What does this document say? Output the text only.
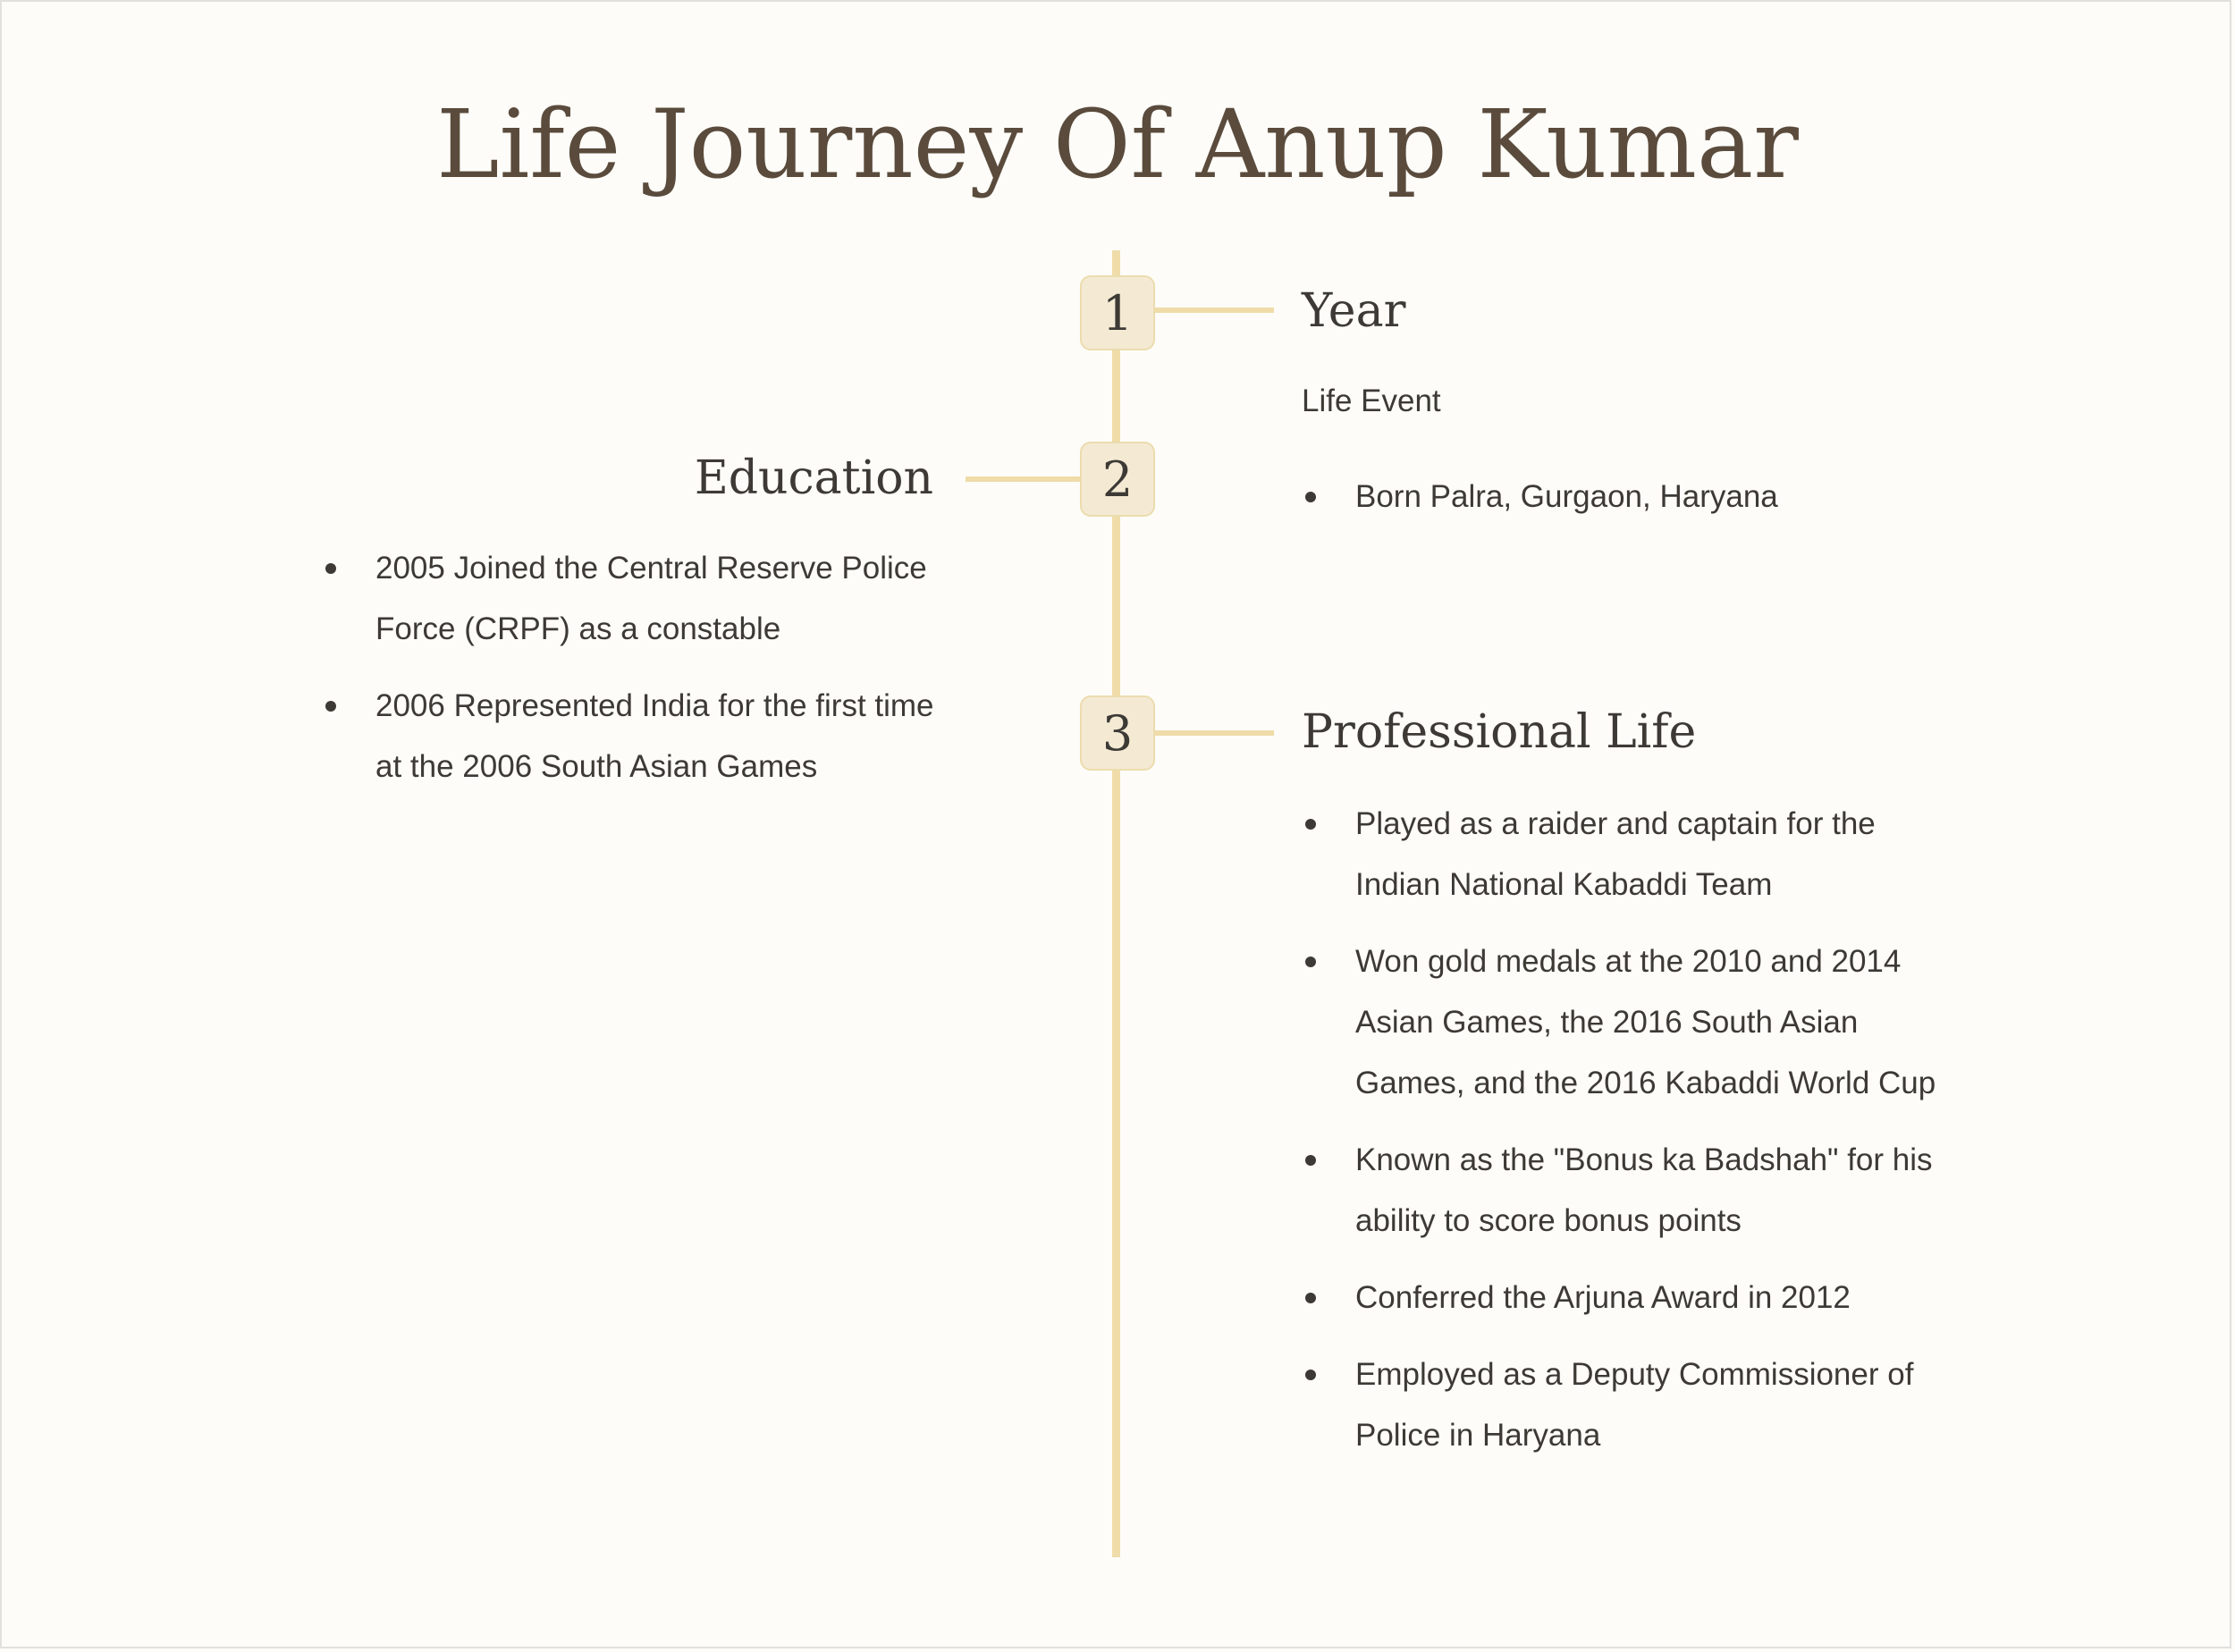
Life Journey Of Anup Kumar
1	Year

Life Event

Born Palra, Gurgaon, Haryana
2
Education
2005 Joined the Central Reserve Police Force (CRPF) as a constable
2006 Represented India for the first time at the 2006 South Asian Games
3	Professional Life
Played as a raider and captain for the Indian National Kabaddi Team
Won gold medals at the 2010 and 2014 Asian Games, the 2016 South Asian Games, and the 2016 Kabaddi World Cup
Known as the "Bonus ka Badshah" for his ability to score bonus points
Conferred the Arjuna Award in 2012
Employed as a Deputy Commissioner of Police in Haryana
